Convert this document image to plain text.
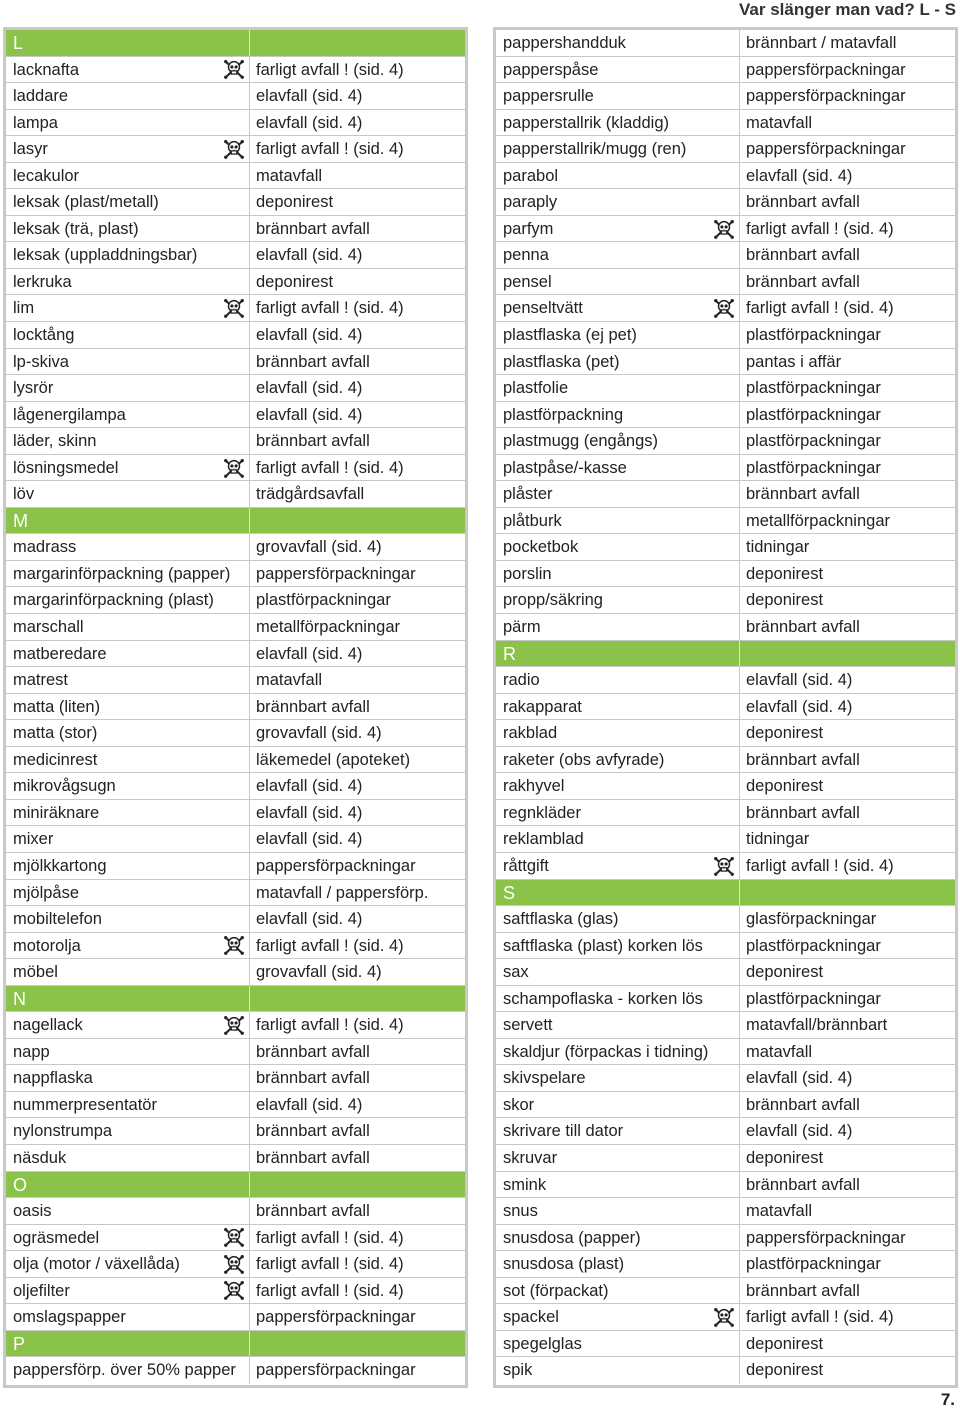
Var slänger man vad? L - S
L
lacknafta	farligt avfall ! (sid. 4)
laddare	elavfall (sid. 4)
lampa	elavfall (sid. 4)
lasyr	farligt avfall ! (sid. 4)
lecakulor	matavfall
leksak (plast/metall)	deponirest
leksak (trä, plast)	brännbart avfall
leksak (uppladdningsbar)	elavfall (sid. 4)
lerkruka	deponirest
lim	farligt avfall ! (sid. 4)
locktång	elavfall (sid. 4)
lp-skiva	brännbart avfall
lysrör	elavfall (sid. 4)
lågenergilampa	elavfall (sid. 4)
läder, skinn	brännbart avfall
lösningsmedel	farligt avfall ! (sid. 4)
löv	trädgårdsavfall
M
madrass	grovavfall (sid. 4)
margarinförpackning (papper)	pappersförpackningar
margarinförpackning (plast)	plastförpackningar
marschall	metallförpackningar
matberedare	elavfall (sid. 4)
matrest	matavfall
matta (liten)	brännbart avfall
matta (stor)	grovavfall (sid. 4)
medicinrest	läkemedel (apoteket)
mikrovågsugn	elavfall (sid. 4)
miniräknare	elavfall (sid. 4)
mixer	elavfall (sid. 4)
mjölkkartong	pappersförpackningar
mjölpåse	matavfall / pappersförp.
mobiltelefon	elavfall (sid. 4)
motorolja	farligt avfall ! (sid. 4)
möbel	grovavfall (sid. 4)
N
nagellack	farligt avfall ! (sid. 4)
napp	brännbart avfall
nappflaska	brännbart avfall
nummerpresentatör	elavfall (sid. 4)
nylonstrumpa	brännbart avfall
näsduk	brännbart avfall
O
oasis	brännbart avfall
ogräsmedel	farligt avfall ! (sid. 4)
olja (motor / växellåda)	farligt avfall ! (sid. 4)
oljefilter	farligt avfall ! (sid. 4)
omslagspapper	pappersförpackningar
P
pappersförp. över 50% papper	pappersförpackningar
pappershandduk	brännbart / matavfall
papperspåse	pappersförpackningar
pappersrulle	pappersförpackningar
papperstallrik (kladdig)	matavfall
papperstallrik/mugg (ren)	pappersförpackningar
parabol	elavfall (sid. 4)
paraply	brännbart avfall
parfym	farligt avfall ! (sid. 4)
penna	brännbart avfall
pensel	brännbart avfall
penseltvätt	farligt avfall ! (sid. 4)
plastflaska (ej pet)	plastförpackningar
plastflaska (pet)	pantas i affär
plastfolie	plastförpackningar
plastförpackning	plastförpackningar
plastmugg (engångs)	plastförpackningar
plastpåse/-kasse	plastförpackningar
plåster	brännbart avfall
plåtburk	metallförpackningar
pocketbok	tidningar
porslin	deponirest
propp/säkring	deponirest
pärm	brännbart avfall
R
radio	elavfall (sid. 4)
rakapparat	elavfall (sid. 4)
rakblad	deponirest
raketer (obs avfyrade)	brännbart avfall
rakhyvel	deponirest
regnkläder	brännbart avfall
reklamblad	tidningar
råttgift	farligt avfall ! (sid. 4)
S
saftflaska (glas)	glasförpackningar
saftflaska (plast) korken lös	plastförpackningar
sax	deponirest
schampoflaska - korken lös	plastförpackningar
servett	matavfall/brännbart
skaldjur (förpackas i tidning)	matavfall
skivspelare	elavfall (sid. 4)
skor	brännbart avfall
skrivare till dator	elavfall (sid. 4)
skruvar	deponirest
smink	brännbart avfall
snus	matavfall
snusdosa (papper)	pappersförpackningar
snusdosa (plast)	plastförpackningar
sot (förpackat)	brännbart avfall
spackel	farligt avfall ! (sid. 4)
spegelglas	deponirest
spik	deponirest
7.
